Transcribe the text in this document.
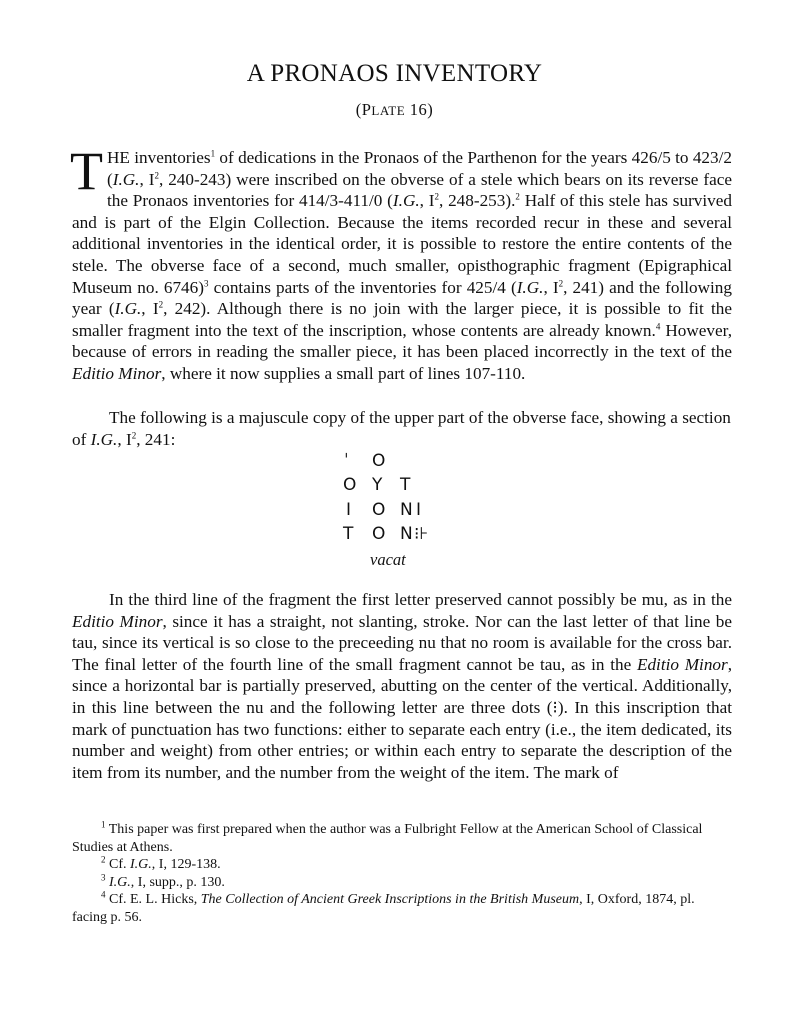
A PRONAOS INVENTORY
(PLATE 16)
THE inventories$^1$ of dedications in the Pronaos of the Parthenon for the years 426/5 to 423/2 (I.G., $I^2$, 240-243) were inscribed on the obverse of a stele which bears on its reverse face the Pronaos inventories for 414/3-411/0 (I.G., $I^2$, 248-253).$^2$ Half of this stele has survived and is part of the Elgin Collection. Because the items recorded recur in these and several additional inventories in the identical order, it is possible to restore the entire contents of the stele. The obverse face of a second, much smaller, opisthographic fragment (Epigraphical Museum no. 6746)$^3$ contains parts of the inventories for 425/4 (I.G., $I^2$, 241) and the following year (I.G., $I^2$, 242). Although there is no join with the larger piece, it is possible to fit the smaller fragment into the text of the inscription, whose contents are already known.$^4$ However, because of errors in reading the smaller piece, it has been placed incorrectly in the text of the Editio Minor, where it now supplies a small part of lines 107-110.
The following is a majuscule copy of the upper part of the obverse face, showing a section of I.G., $I^2$, 241:
ˈ O
O Y T
I O N I
T O N ⁝⊦
vacat
In the third line of the fragment the first letter preserved cannot possibly be mu, as in the Editio Minor, since it has a straight, not slanting, stroke. Nor can the last letter of that line be tau, since its vertical is so close to the preceeding nu that no room is available for the cross bar. The final letter of the fourth line of the small fragment cannot be tau, as in the Editio Minor, since a horizontal bar is partially preserved, abutting on the center of the vertical. Additionally, in this line between the nu and the following letter are three dots (⁝). In this inscription that mark of punctuation has two functions: either to separate each entry (i.e., the item dedicated, its number and weight) from other entries; or within each entry to separate the description of the item from its number, and the number from the weight of the item. The mark of

$^1$ This paper was first prepared when the author was a Fulbright Fellow at the American School of Classical Studies at Athens.

$^2$ Cf. I.G., I, 129-138.

$^3$ I.G., I, supp., p. 130.

$^4$ Cf. E. L. Hicks, The Collection of Ancient Greek Inscriptions in the British Museum, I, Oxford, 1874, pl. facing p. 56.
